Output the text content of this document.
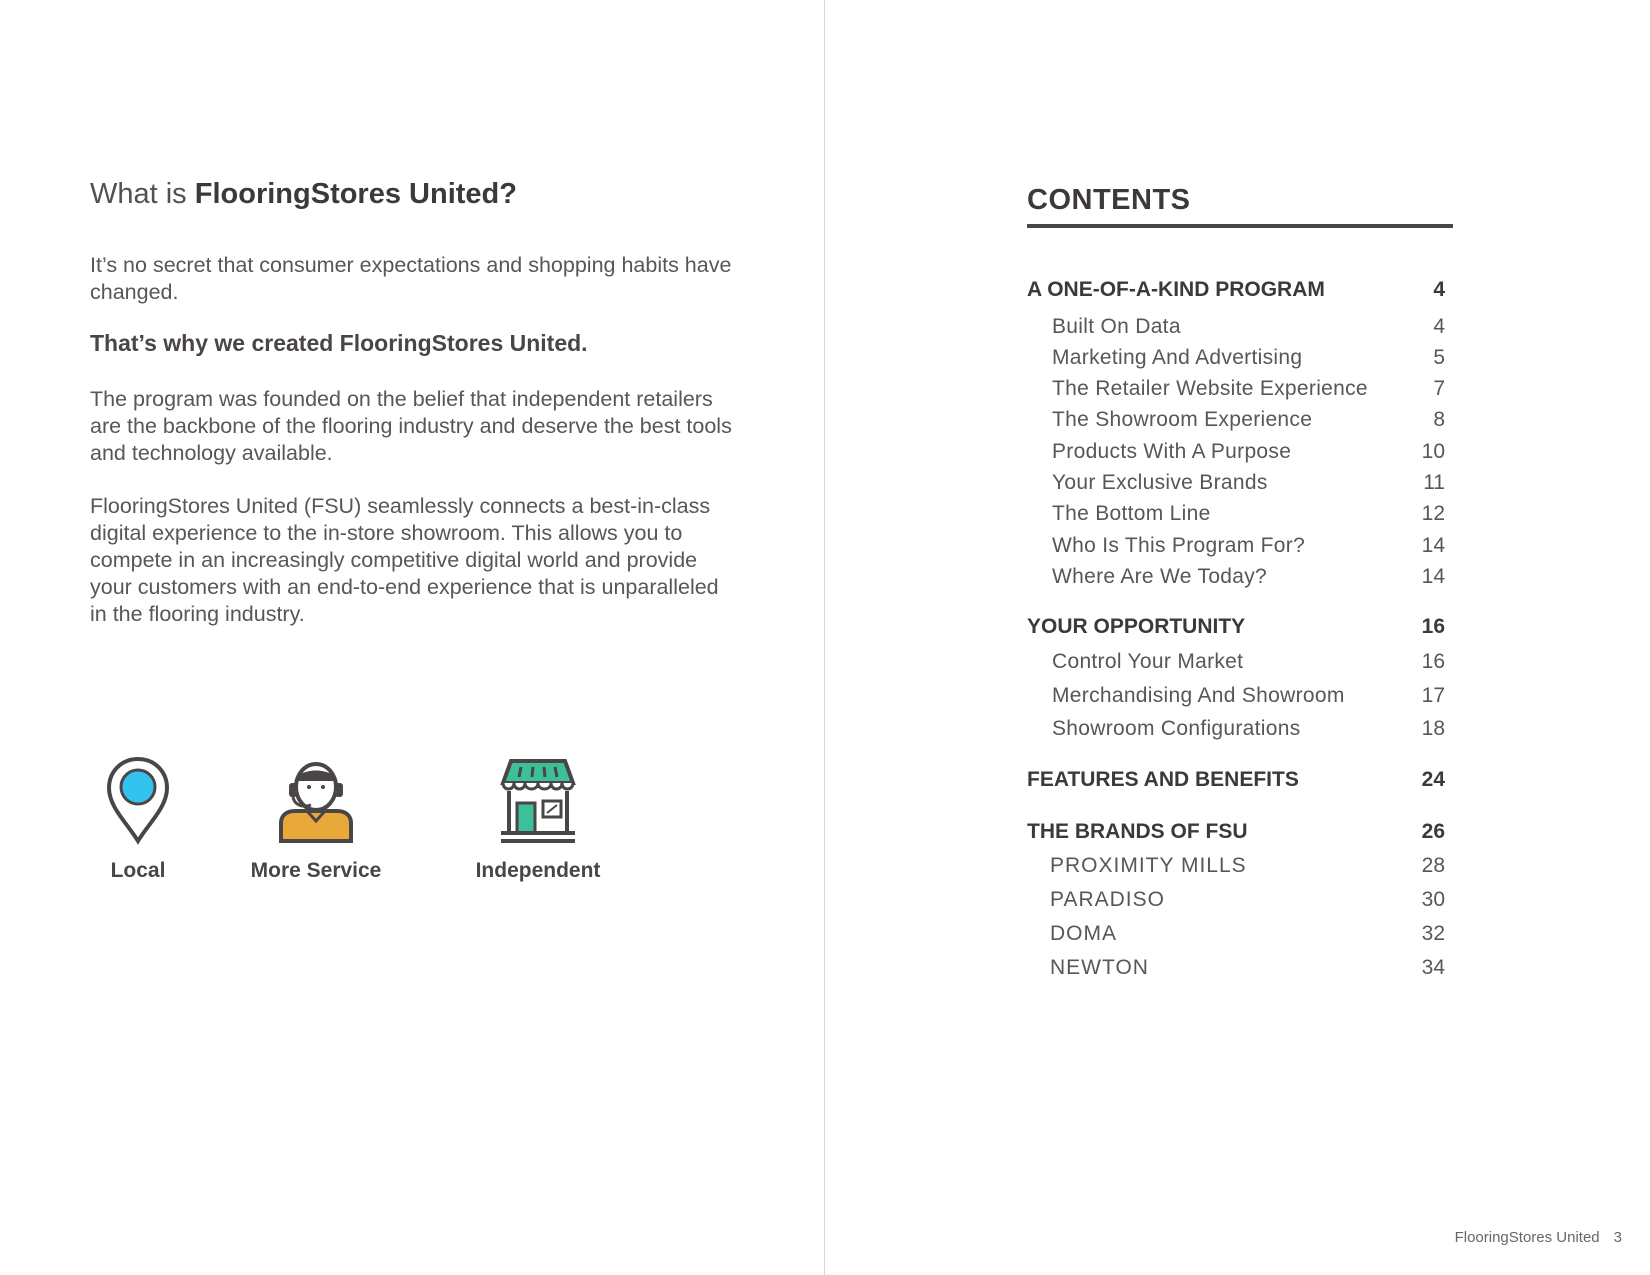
What is FlooringStores United?

It’s no secret that consumer expectations and shopping habits have changed.

That’s why we created FlooringStores United.

The program was founded on the belief that independent retailers are the backbone of the flooring industry and deserve the best tools and technology available.

FlooringStores United (FSU) seamlessly connects a best-in-class digital experience to the in-store showroom. This allows you to compete in an increasingly competitive digital world and provide your customers with an end-to-end experience that is unparalleled in the flooring industry.

Local	More Service	Independent
CONTENTS
A ONE-OF-A-KIND PROGRAM	4
Built On Data	4
Marketing And Advertising	5
The Retailer Website Experience	7
The Showroom Experience	8
Products With A Purpose	10
Your Exclusive Brands	11
The Bottom Line	12
Who Is This Program For?	14
Where Are We Today?	14
YOUR OPPORTUNITY	16
Control Your Market	16
Merchandising And Showroom	17
Showroom Configurations	18
FEATURES AND BENEFITS	24
THE BRANDS OF FSU	26
PROXIMITY MILLS	28
PARADISO	30
DOMA	32
NEWTON	34
FlooringStores United 3
